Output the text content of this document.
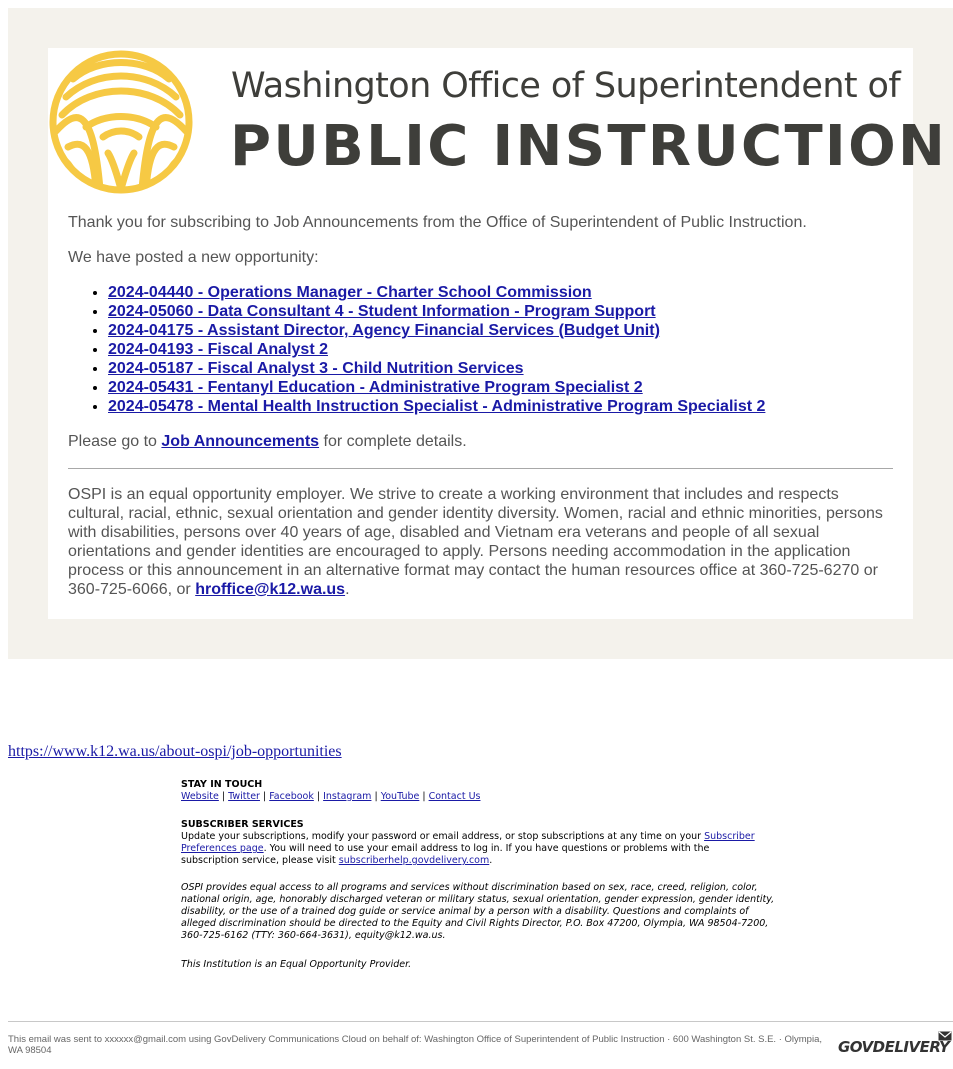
Washington Office of Superintendent of
PUBLIC INSTRUCTION

Thank you for subscribing to Job Announcements from the Office of Superintendent of Public Instruction.

We have posted a new opportunity:

• 2024-04440 - Operations Manager - Charter School Commission
• 2024-05060 - Data Consultant 4 - Student Information - Program Support
• 2024-04175 - Assistant Director, Agency Financial Services (Budget Unit)
• 2024-04193 - Fiscal Analyst 2
• 2024-05187 - Fiscal Analyst 3 - Child Nutrition Services
• 2024-05431 - Fentanyl Education - Administrative Program Specialist 2
• 2024-05478 - Mental Health Instruction Specialist - Administrative Program Specialist 2

Please go to Job Announcements for complete details.

OSPI is an equal opportunity employer. We strive to create a working environment that includes and respects cultural, racial, ethnic, sexual orientation and gender identity diversity. Women, racial and ethnic minorities, persons with disabilities, persons over 40 years of age, disabled and Vietnam era veterans and people of all sexual orientations and gender identities are encouraged to apply. Persons needing accommodation in the application process or this announcement in an alternative format may contact the human resources office at 360-725-6270 or 360-725-6066, or hroffice@k12.wa.us.

https://www.k12.wa.us/about-ospi/job-opportunities
STAY IN TOUCH
Website | Twitter | Facebook | Instagram | YouTube | Contact Us
SUBSCRIBER SERVICES
Update your subscriptions, modify your password or email address, or stop subscriptions at any time on your Subscriber Preferences page. You will need to use your email address to log in. If you have questions or problems with the subscription service, please visit subscriberhelp.govdelivery.com.
OSPI provides equal access to all programs and services without discrimination based on sex, race, creed, religion, color, national origin, age, honorably discharged veteran or military status, sexual orientation, gender expression, gender identity, disability, or the use of a trained dog guide or service animal by a person with a disability. Questions and complaints of alleged discrimination should be directed to the Equity and Civil Rights Director, P.O. Box 47200, Olympia, WA 98504-7200, 360-725-6162 (TTY: 360-664-3631), equity@k12.wa.us.
This Institution is an Equal Opportunity Provider.
This email was sent to xxxxxx@gmail.com using GovDelivery Communications Cloud on behalf of: Washington Office of Superintendent of Public Instruction · 600 Washington St. S.E. · Olympia, WA 98504	GOVDELIVERY
